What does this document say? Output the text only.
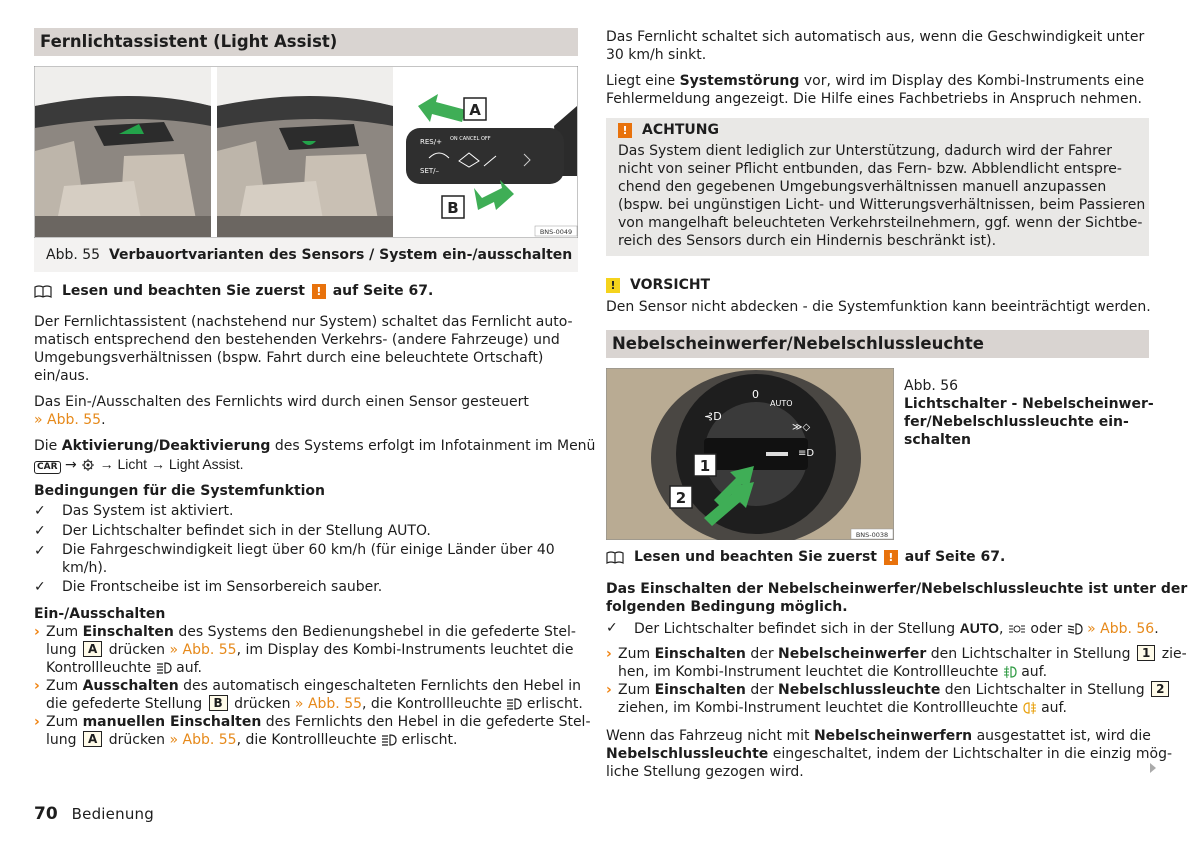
Fernlichtassistent (Light Assist)
RES/+ ON CANCEL OFF
SET/–
A
B
BNS-0049
Abb. 55 Verbauortvarianten des Sensors / System ein-/ausschalten
Lesen und beachten Sie zuerst
	!
auf Seite 67.
Der Fernlichtassistent (nachstehend nur System) schaltet das Fernlicht auto-
matisch entsprechend den bestehenden Verkehrs- (andere Fahrzeuge) und
Umgebungsverhältnissen (bspw. Fahrt durch eine beleuchtete Ortschaft)
ein/aus.
Das Ein-/Ausschalten des Fernlichts wird durch einen Sensor gesteuert
» Abb. 55.
Die Aktivierung/Deaktivierung des Systems erfolgt im Infotainment im Menü
CAR → → Licht → Light Assist.
Bedingungen für die Systemfunktion
✓	Das System ist aktiviert.
✓	Der Lichtschalter befindet sich in der Stellung AUTO.
✓	Die Fahrgeschwindigkeit liegt über 60 km/h (für einige Länder über 40
km/h).
✓	Die Frontscheibe ist im Sensorbereich sauber.
Ein-/Ausschalten
› Zum Einschalten des Systems den Bedienungshebel in die gefederte Stel-
lung A drücken » Abb. 55, im Display des Kombi-Instruments leuchtet die
Kontrollleuchte  auf.
› Zum Ausschalten des automatisch eingeschalteten Fernlichts den Hebel in
die gefederte Stellung B drücken » Abb. 55, die Kontrollleuchte  erlischt.
› Zum manuellen Einschalten des Fernlichts den Hebel in die gefederte Stel-
lung A drücken » Abb. 55, die Kontrollleuchte  erlischt.
Das Fernlicht schaltet sich automatisch aus, wenn die Geschwindigkeit unter
30 km/h sinkt.
Liegt eine Systemstörung vor, wird im Display des Kombi-Instruments eine
Fehlermeldung angezeigt. Die Hilfe eines Fachbetriebs in Anspruch nehmen.
!	ACHTUNG
Das System dient lediglich zur Unterstützung, dadurch wird der Fahrer
nicht von seiner Pflicht entbunden, das Fern- bzw. Abblendlicht entspre-
chend den gegebenen Umgebungsverhältnissen manuell anzupassen
(bspw. bei ungünstigen Licht- und Witterungsverhältnissen, beim Passieren
von mangelhaft beleuchteten Verkehrsteilnehmern, ggf. wenn der Sichtbe-
reich des Sensors durch ein Hindernis beschränkt ist).
!	VORSICHT
Den Sensor nicht abdecken - die Systemfunktion kann beeinträchtigt werden.
Nebelscheinwerfer/Nebelschlussleuchte
0
AUTO
⊰D
≫◇
≡D
1
2
BNS-0038
Abb. 56
Lichtschalter - Nebelscheinwer-
fer/Nebelschlussleuchte ein-
schalten
Lesen und beachten Sie zuerst
	!
auf Seite 67.
Das Einschalten der Nebelscheinwerfer/Nebelschlussleuchte ist unter der
folgenden Bedingung möglich.
✓	Der Lichtschalter befindet sich in der Stellung AUTO,  oder  » Abb. 56.
› Zum Einschalten der Nebelscheinwerfer den Lichtschalter in Stellung 1 zie-
hen, im Kombi-Instrument leuchtet die Kontrollleuchte  auf.
› Zum Einschalten der Nebelschlussleuchte den Lichtschalter in Stellung 2
ziehen, im Kombi-Instrument leuchtet die Kontrollleuchte  auf.
Wenn das Fahrzeug nicht mit Nebelscheinwerfern ausgestattet ist, wird die
Nebelschlussleuchte eingeschaltet, indem der Lichtschalter in die einzig mög-
liche Stellung gezogen wird.
70 Bedienung
